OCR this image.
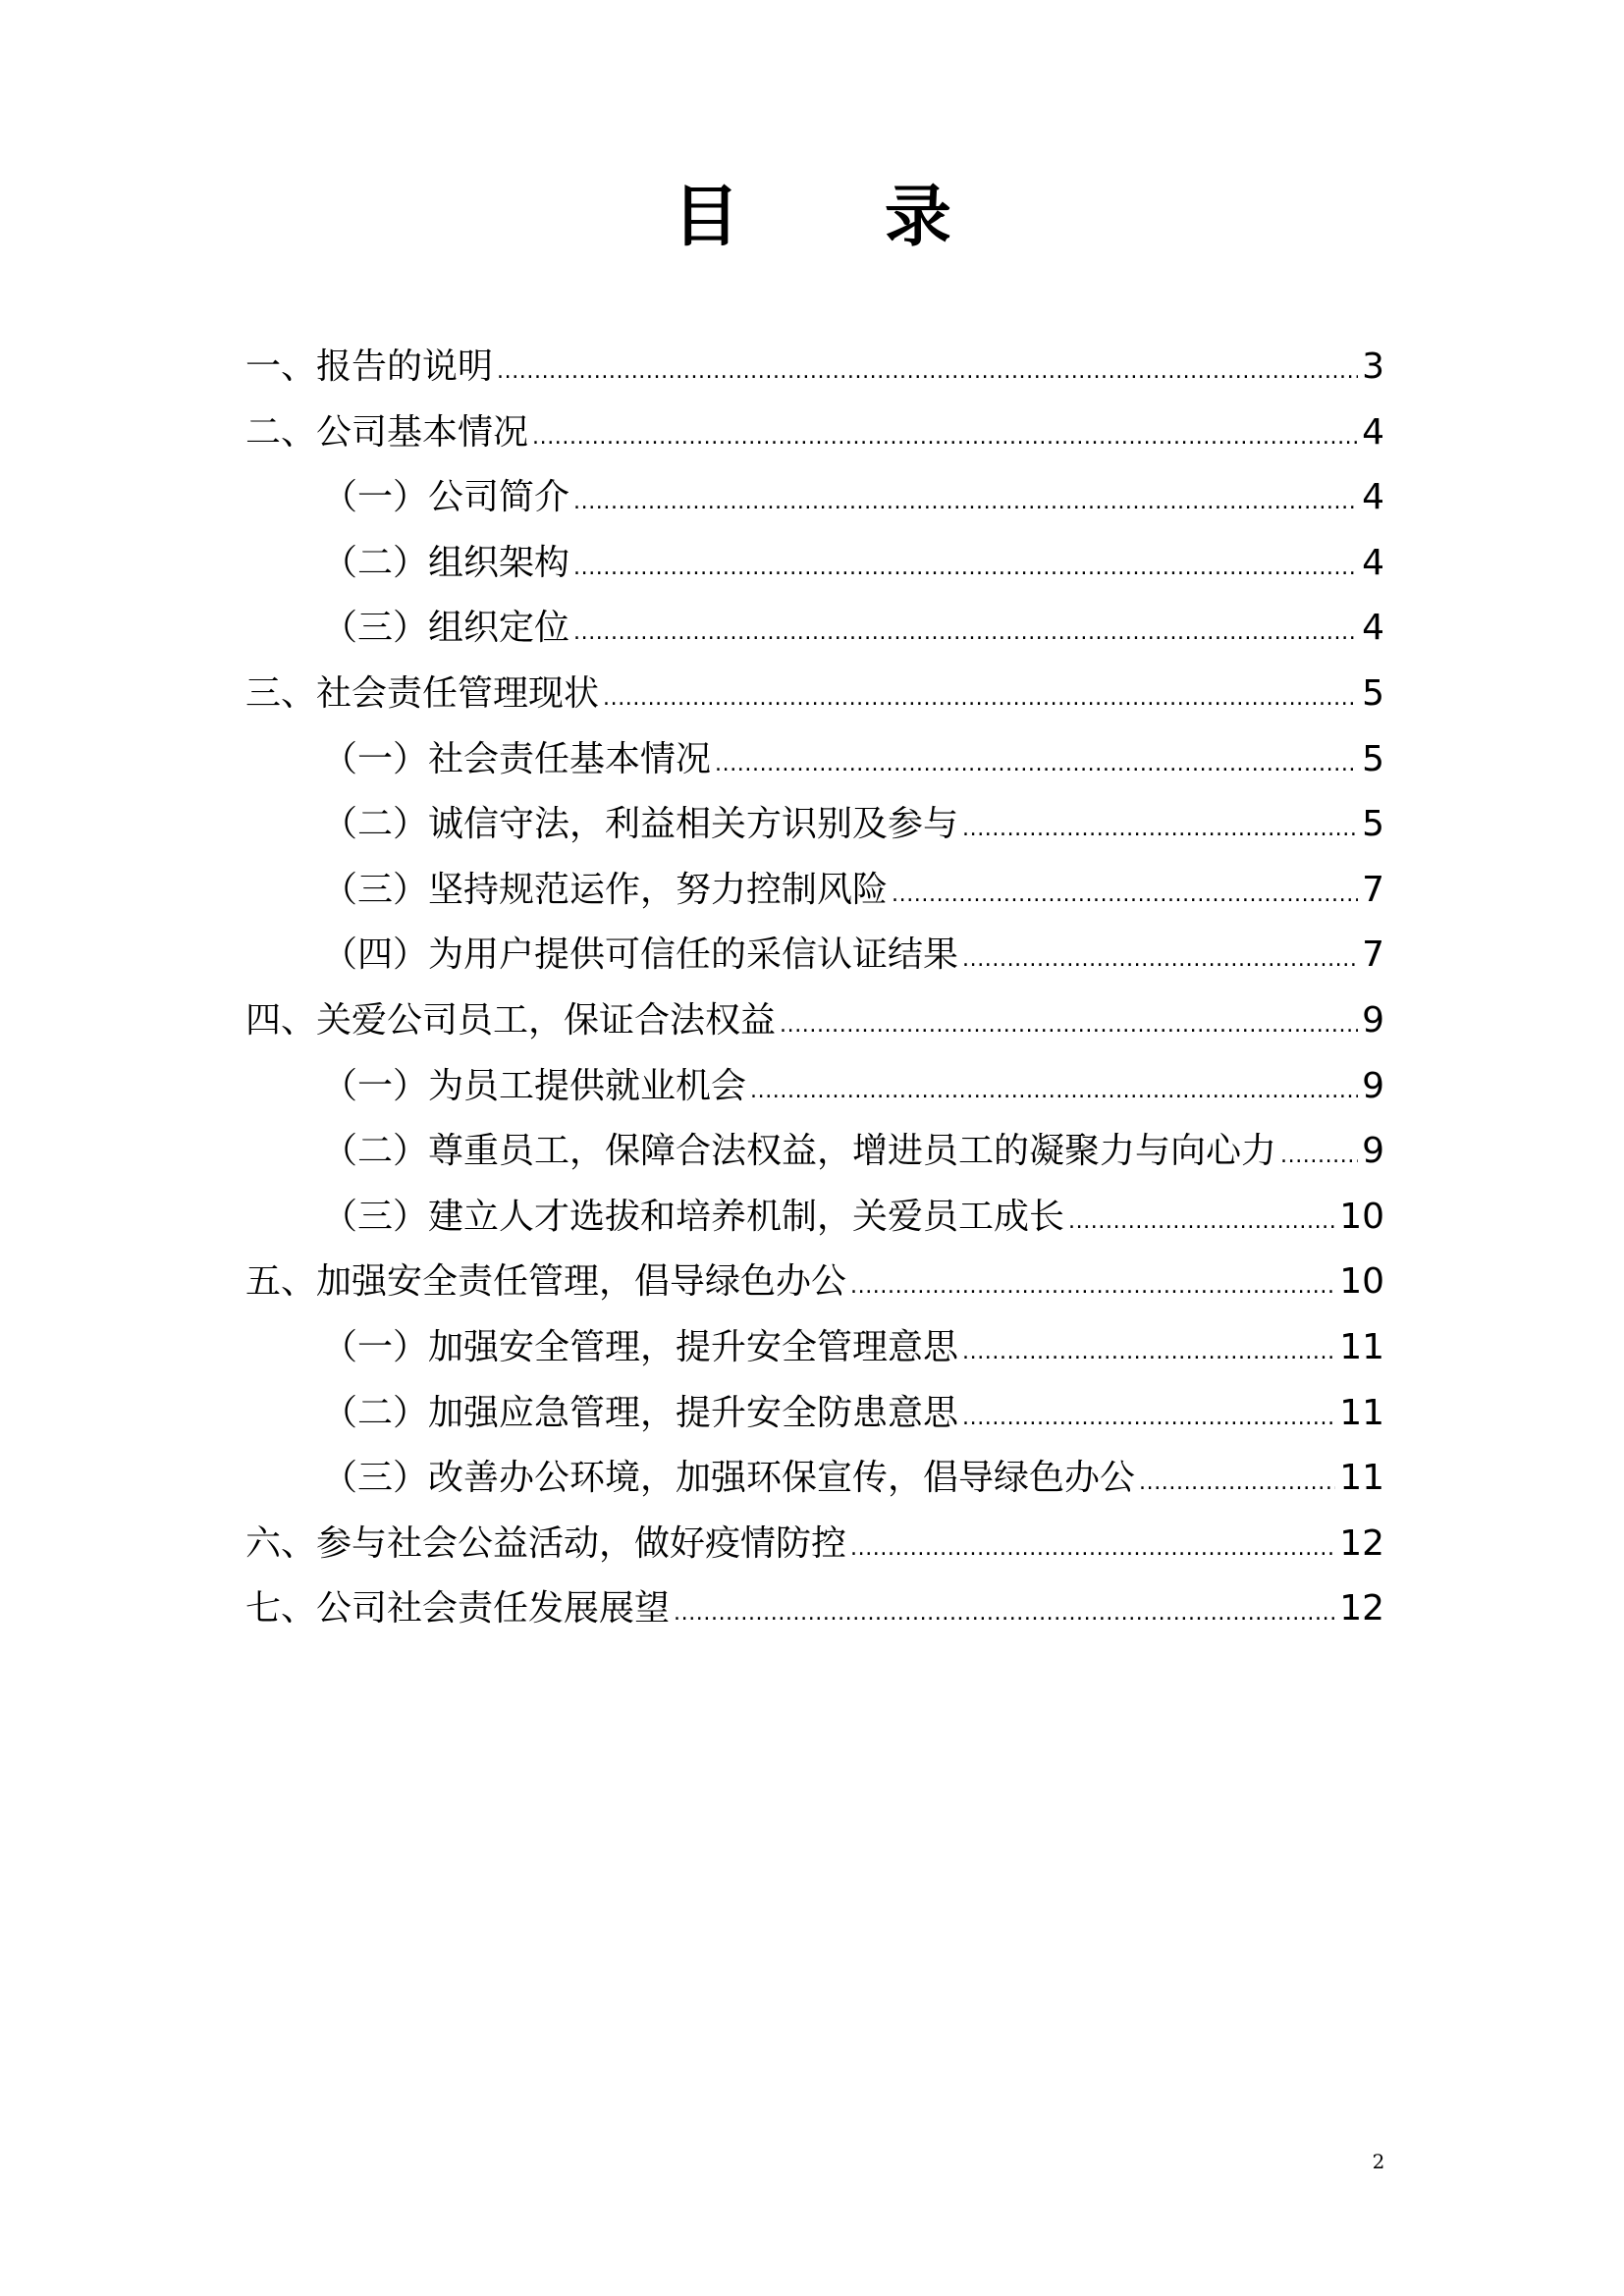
目 录
一、报告的说明 .....	3
二、公司基本情况 .....	4
（一）公司简介 .....	4
（二）组织架构 .....	4
（三）组织定位 .....	4
三、社会责任管理现状 .....	5
（一）社会责任基本情况 .....	5
（二）诚信守法，利益相关方识别及参与 .....	5
（三）坚持规范运作，努力控制风险 .....	7
（四）为用户提供可信任的采信认证结果 .....	7
四、关爱公司员工，保证合法权益 .....	9
（一）为员工提供就业机会 .....	9
（二）尊重员工，保障合法权益，增进员工的凝聚力与向心力 ..... 9
（三）建立人才选拔和培养机制，关爱员工成长 .....	10
五、加强安全责任管理，倡导绿色办公 .....	10
（一）加强安全管理，提升安全管理意思 .....	11
（二）加强应急管理，提升安全防患意思 .....	11
（三）改善办公环境，加强环保宣传，倡导绿色办公 .....	11
六、参与社会公益活动，做好疫情防控 .....	12
七、公司社会责任发展展望 .....	12
2
